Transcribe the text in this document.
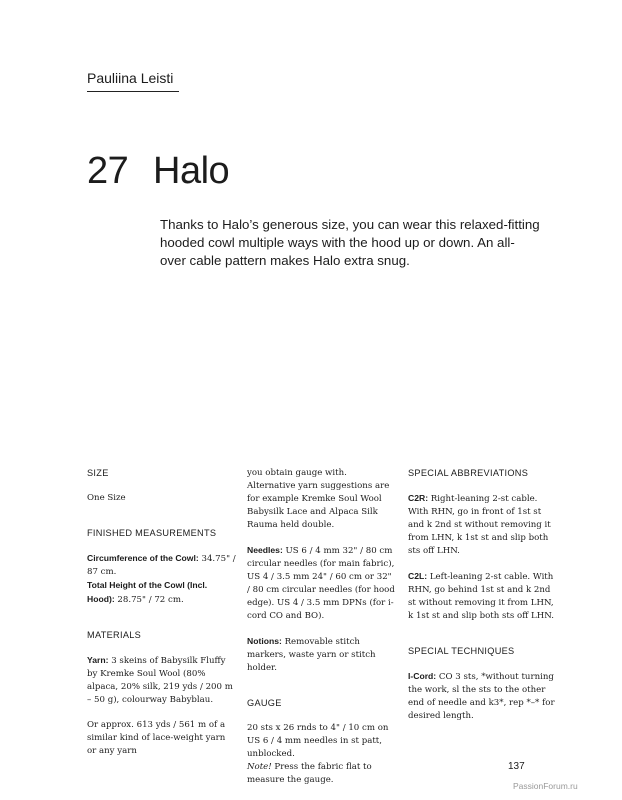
Pauliina Leisti
27 Halo
Thanks to Halo’s generous size, you can wear this relaxed-fitting hooded cowl multiple ways with the hood up or down. An all-over cable pattern makes Halo extra snug.
SIZE

One Size

FINISHED MEASUREMENTS

Circumference of the Cowl: 34.75" / 87 cm.

Total Height of the Cowl (Incl. Hood): 28.75" / 72 cm.

MATERIALS

Yarn: 3 skeins of Babysilk Fluffy by Kremke Soul Wool (80% alpaca, 20% silk, 219 yds / 200 m – 50 g), colourway Babyblau.

Or approx. 613 yds / 561 m of a similar kind of lace-weight yarn or any yarn

you obtain gauge with. Alternative yarn suggestions are for example Kremke Soul Wool Babysilk Lace and Alpaca Silk Rauma held double.

Needles: US 6 / 4 mm 32" / 80 cm circular needles (for main fabric), US 4 / 3.5 mm 24" / 60 cm or 32" / 80 cm circular needles (for hood edge). US 4 / 3.5 mm DPNs (for i-cord CO and BO).

Notions: Removable stitch markers, waste yarn or stitch holder.

GAUGE

20 sts x 26 rnds to 4" / 10 cm on US 6 / 4 mm needles in st patt, unblocked.

Note! Press the fabric flat to measure the gauge.

SPECIAL ABBREVIATIONS

C2R: Right-leaning 2-st cable. With RHN, go in front of 1st st and k 2nd st without removing it from LHN, k 1st st and slip both sts off LHN.

C2L: Left-leaning 2-st cable. With RHN, go behind 1st st and k 2nd st without removing it from LHN, k 1st st and slip both sts off LHN.

SPECIAL TECHNIQUES

I-Cord: CO 3 sts, *without turning the work, sl the sts to the other end of needle and k3*, rep *–* for desired length.

137
PassionForum.ru
